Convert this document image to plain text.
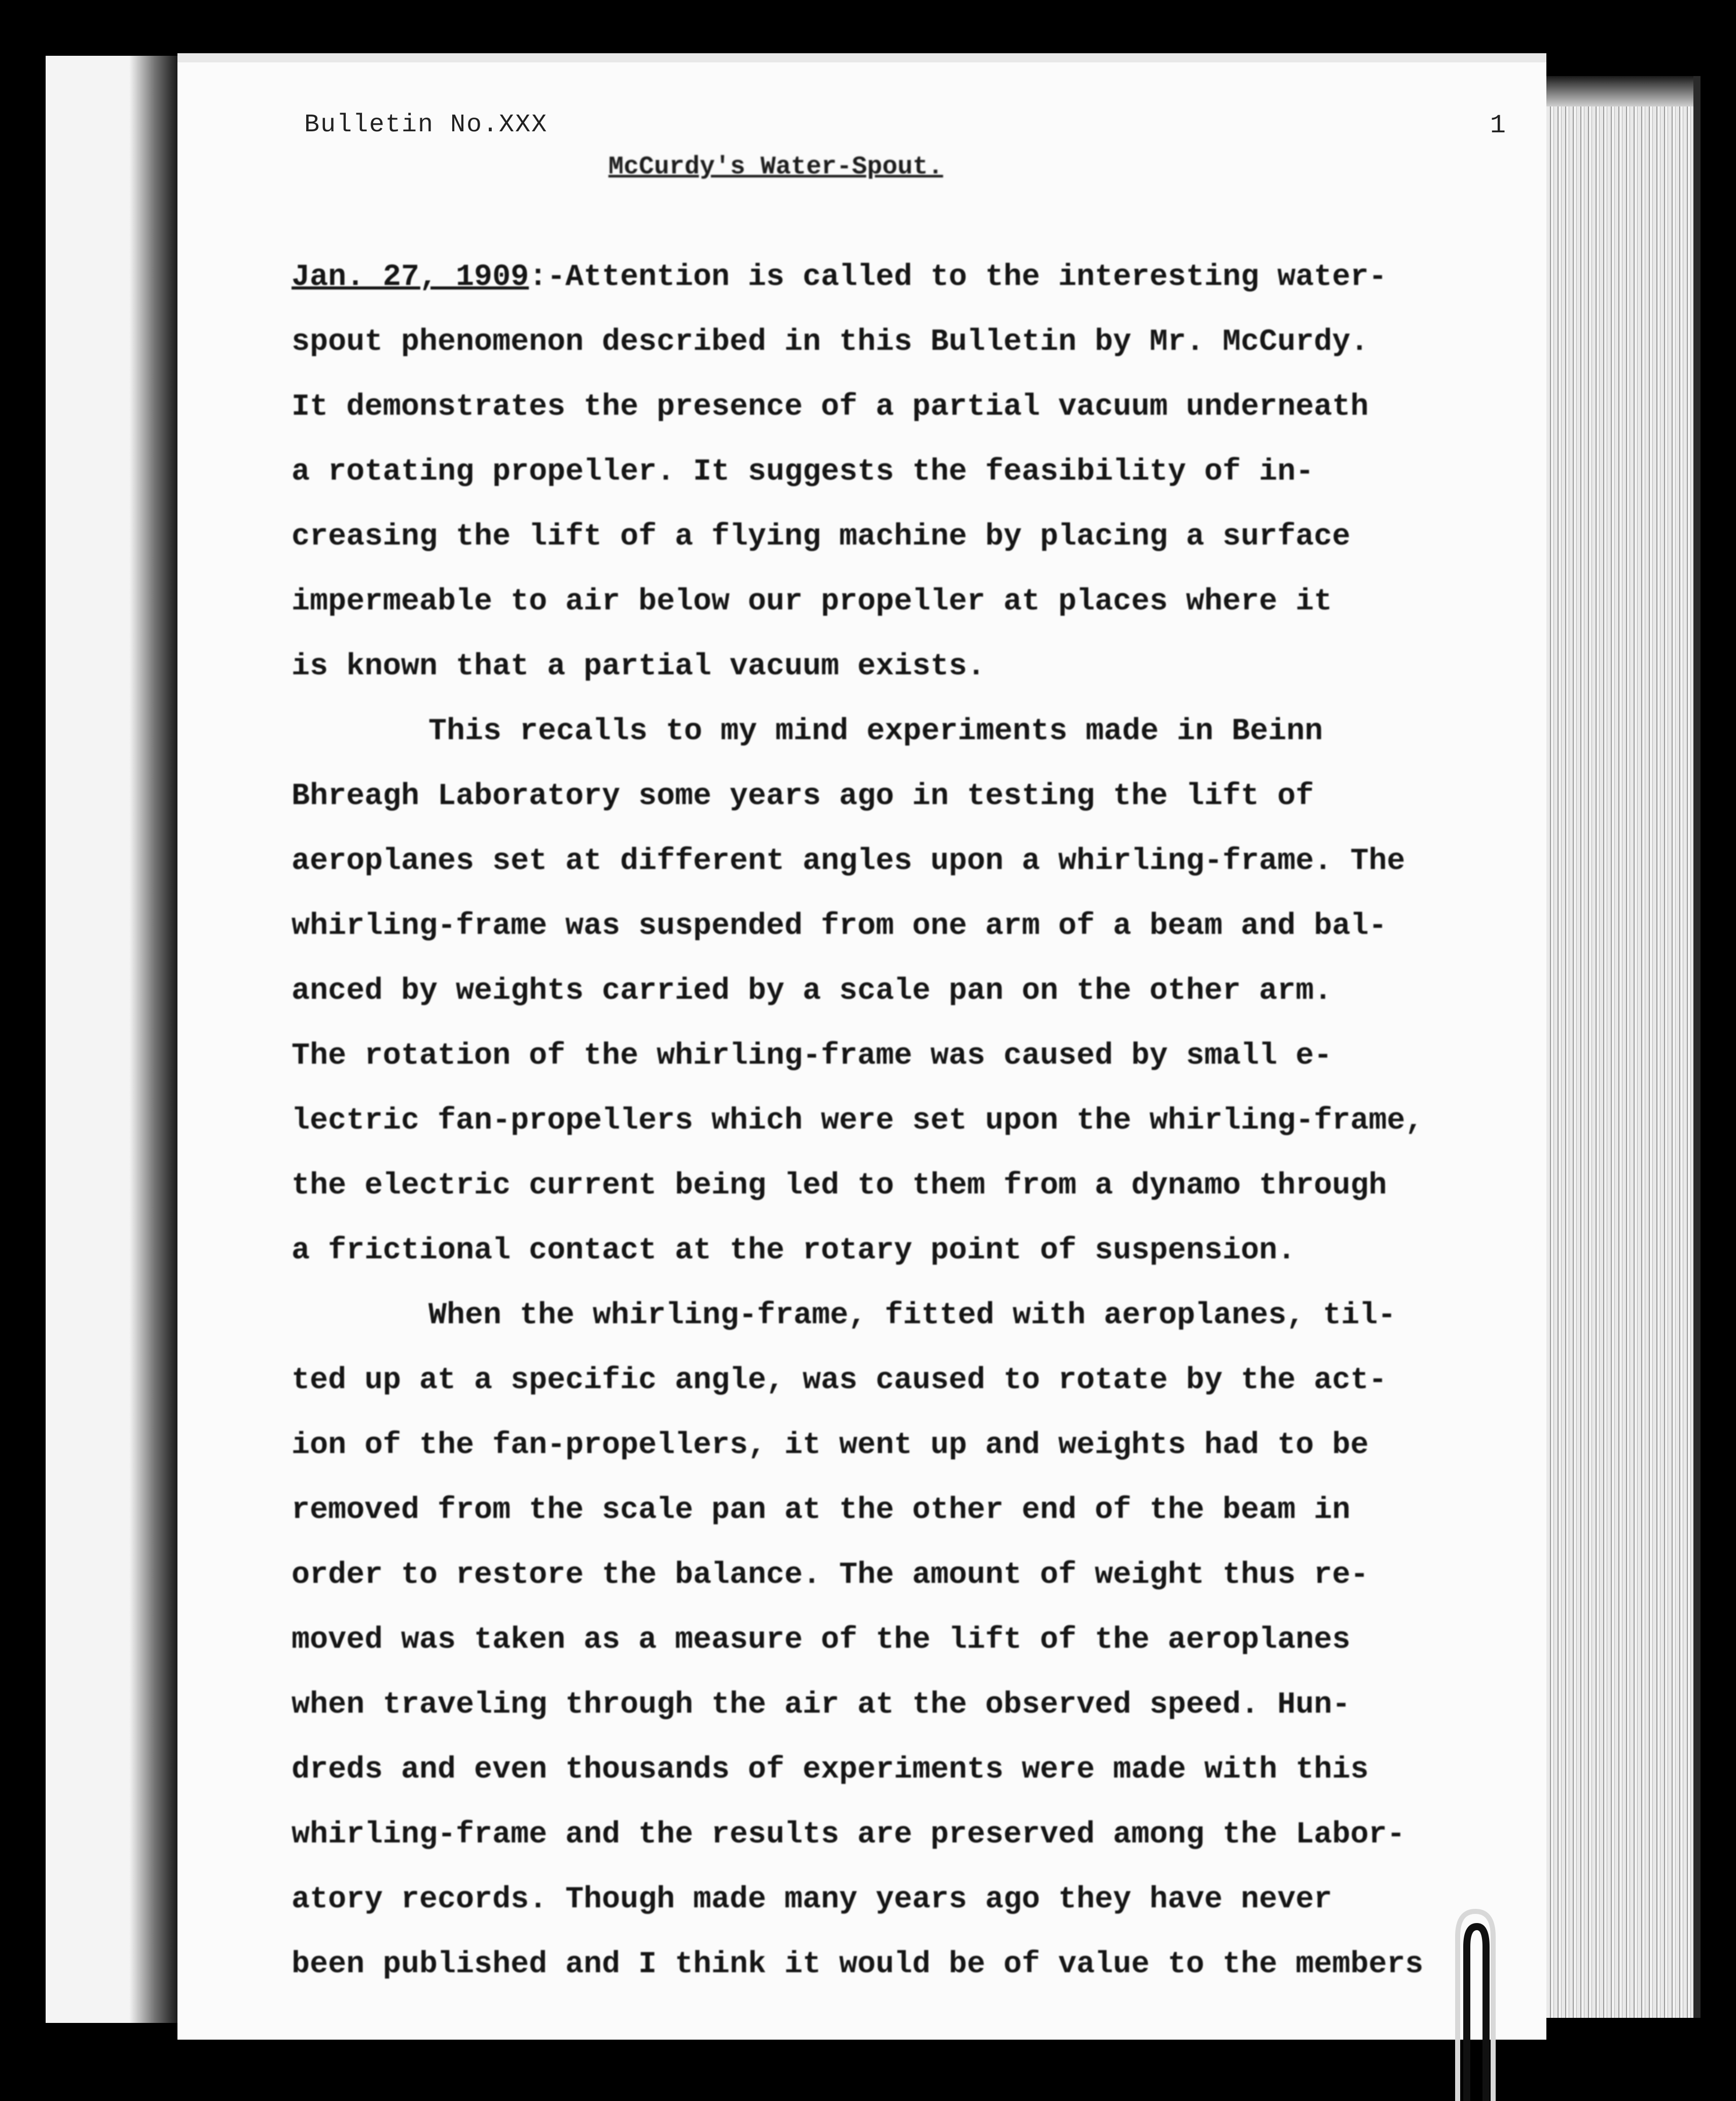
Bulletin No.XXX	1
McCurdy's Water-Spout.
Jan. 27, 1909:-Attention is called to the interesting water-
spout phenomenon described in this Bulletin by Mr. McCurdy.
It demonstrates the presence of a partial vacuum underneath
a rotating propeller. It suggests the feasibility of in-
creasing the lift of a flying machine by placing a surface
impermeable to air below our propeller at places where it
is known that a partial vacuum exists.
This recalls to my mind experiments made in Beinn
Bhreagh Laboratory some years ago in testing the lift of
aeroplanes set at different angles upon a whirling-frame. The
whirling-frame was suspended from one arm of a beam and bal-
anced by weights carried by a scale pan on the other arm.
The rotation of the whirling-frame was caused by small e-
lectric fan-propellers which were set upon the whirling-frame,
the electric current being led to them from a dynamo through
a frictional contact at the rotary point of suspension.
When the whirling-frame, fitted with aeroplanes, til-
ted up at a specific angle, was caused to rotate by the act-
ion of the fan-propellers, it went up and weights had to be
removed from the scale pan at the other end of the beam in
order to restore the balance. The amount of weight thus re-
moved was taken as a measure of the lift of the aeroplanes
when traveling through the air at the observed speed. Hun-
dreds and even thousands of experiments were made with this
whirling-frame and the results are preserved among the Labor-
atory records. Though made many years ago they have never
been published and I think it would be of value to the members
